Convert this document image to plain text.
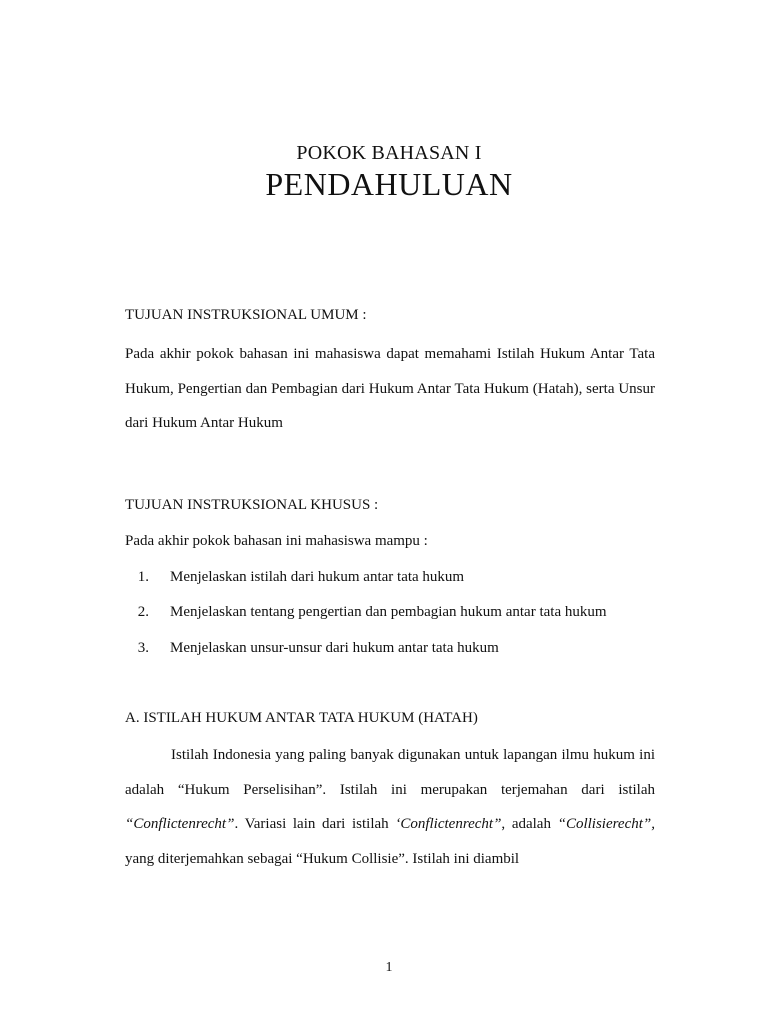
POKOK BAHASAN I
PENDAHULUAN
TUJUAN INSTRUKSIONAL UMUM :
Pada akhir pokok bahasan ini mahasiswa dapat memahami Istilah Hukum Antar Tata Hukum, Pengertian dan Pembagian dari Hukum Antar Tata Hukum (Hatah), serta Unsur dari Hukum Antar Hukum
TUJUAN INSTRUKSIONAL KHUSUS :
Pada akhir pokok bahasan ini mahasiswa mampu :
1. Menjelaskan istilah dari hukum antar tata hukum
2. Menjelaskan tentang pengertian dan pembagian hukum antar tata hukum
3. Menjelaskan unsur-unsur dari hukum antar tata hukum
A. ISTILAH HUKUM ANTAR TATA HUKUM (HATAH)
Istilah Indonesia yang paling banyak digunakan untuk lapangan ilmu hukum ini adalah “Hukum Perselisihan”. Istilah ini merupakan terjemahan dari istilah “Conflictenrecht”. Variasi lain dari istilah ‘Conflictenrecht”, adalah “Collisierecht”, yang diterjemahkan sebagai “Hukum Collisie”. Istilah ini diambil
1
